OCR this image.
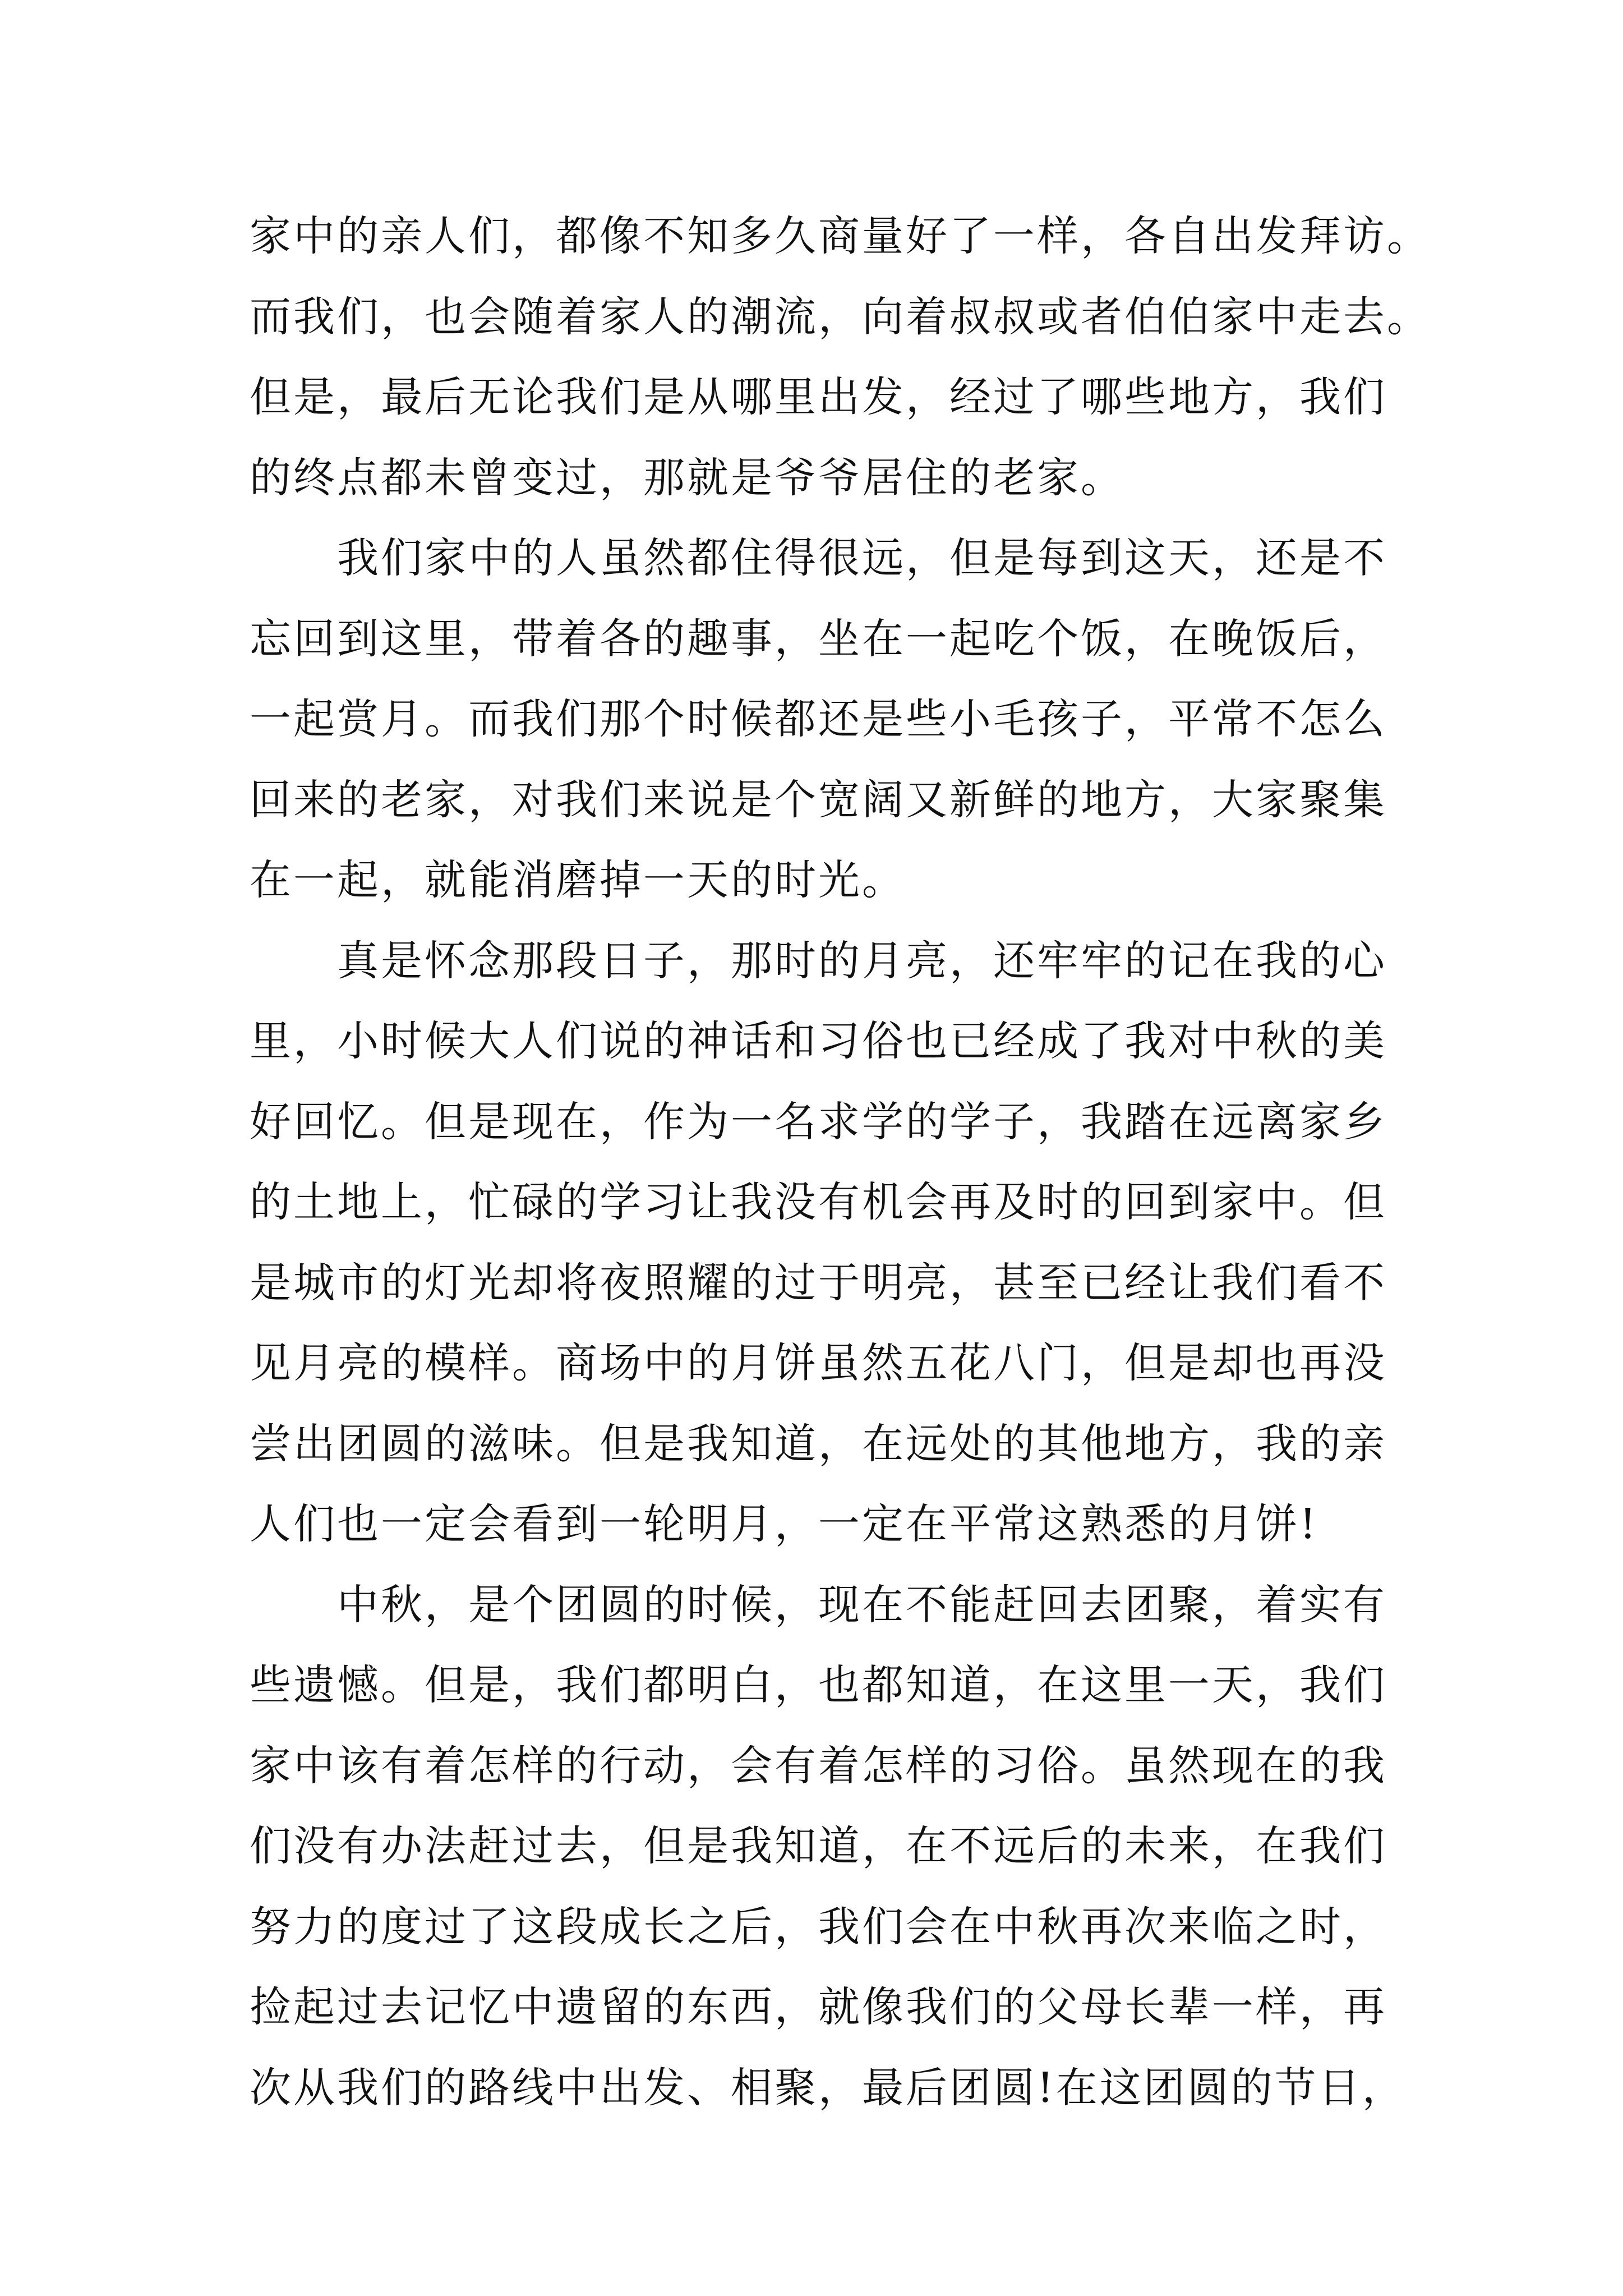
家中的亲人们，都像不知多久商量好了一样，各自出发拜访。
而我们，也会随着家人的潮流，向着叔叔或者伯伯家中走去。
但是，最后无论我们是从哪里出发，经过了哪些地方，我们
的终点都未曾变过，那就是爷爷居住的老家。
　　我们家中的人虽然都住得很远，但是每到这天，还是不
忘回到这里，带着各的趣事，坐在一起吃个饭，在晚饭后，
一起赏月。而我们那个时候都还是些小毛孩子，平常不怎么
回来的老家，对我们来说是个宽阔又新鲜的地方，大家聚集
在一起，就能消磨掉一天的时光。
　　真是怀念那段日子，那时的月亮，还牢牢的记在我的心
里，小时候大人们说的神话和习俗也已经成了我对中秋的美
好回忆。但是现在，作为一名求学的学子，我踏在远离家乡
的土地上，忙碌的学习让我没有机会再及时的回到家中。但
是城市的灯光却将夜照耀的过于明亮，甚至已经让我们看不
见月亮的模样。商场中的月饼虽然五花八门，但是却也再没
尝出团圆的滋味。但是我知道，在远处的其他地方，我的亲
人们也一定会看到一轮明月，一定在平常这熟悉的月饼!
　　中秋，是个团圆的时候，现在不能赶回去团聚，着实有
些遗憾。但是，我们都明白，也都知道，在这里一天，我们
家中该有着怎样的行动，会有着怎样的习俗。虽然现在的我
们没有办法赶过去，但是我知道，在不远后的未来，在我们
努力的度过了这段成长之后，我们会在中秋再次来临之时，
捡起过去记忆中遗留的东西，就像我们的父母长辈一样，再
次从我们的路线中出发、相聚，最后团圆!在这团圆的节日，
